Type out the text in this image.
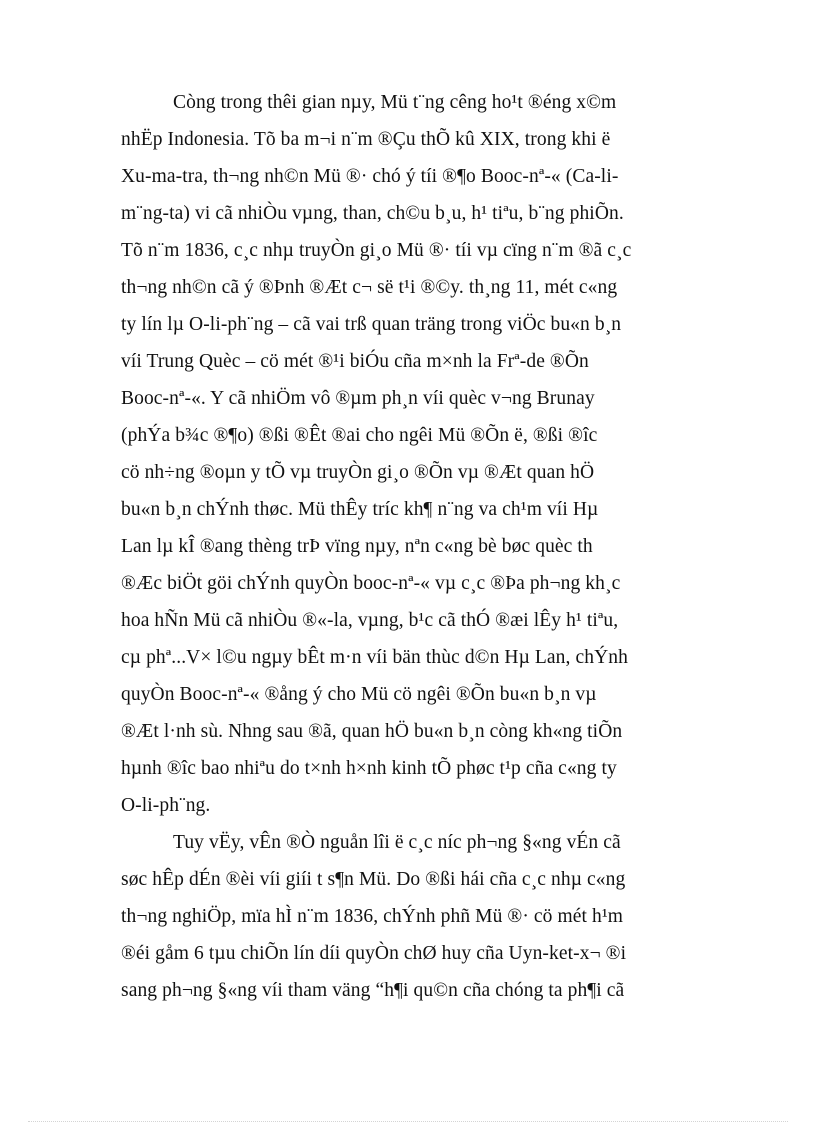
Còng trong thêi gian nµy, Mü t¨ng cêng ho¹t ®éng x©m
nhËp Indonesia. Tõ ba m¬i n¨m ®Çu thÕ kû XIX, trong khi ë
Xu-ma-tra, th¬ng nh©n Mü ®· chó ý tíi ®¶o Booc-nª-« (Ca-li-
m¨ng-ta) vi cã nhiÒu vµng, than, ch©u b¸u, h¹ tiªu, b¨ng phiÕn.
Tõ n¨m 1836, c¸c nhµ truyÒn gi¸o Mü ®· tíi vµ cïng n¨m ®ã c¸c
th¬ng nh©n cã ý ®Þnh ®Æt c¬ së t¹i ®©y. th¸ng 11, mét c«ng
ty lín lµ O-li-ph¨ng – cã vai trß quan träng trong viÖc bu«n b¸n
víi Trung Quèc – cö mét ®¹i biÓu cña m×nh la Frª-de ®Õn
Booc-nª-«. Y cã nhiÖm vô ®µm ph¸n víi quèc v¬ng Brunay
(phÝa b¾c ®¶o) ®ßi ®Êt ®ai cho ngêi Mü ®Õn ë, ®ßi ®îc
cö nh÷ng ®oµn y tÕ vµ truyÒn gi¸o ®Õn vµ ®Æt quan hÖ
bu«n b¸n chÝnh thøc. Mü thÊy tríc kh¶ n¨ng va ch¹m víi Hµ
Lan lµ kÎ ®ang thèng trÞ vïng nµy, nªn c«ng bè bøc quèc th
®Æc biÖt göi chÝnh quyÒn booc-nª-« vµ c¸c ®Þa ph¬ng kh¸c
hoa hÑn Mü cã nhiÒu ®«-la, vµng, b¹c cã thÓ ®æi lÊy h¹ tiªu,
cµ phª...V× l©u ngµy bÊt m·n víi bän thùc d©n Hµ Lan, chÝnh
quyÒn Booc-nª-« ®ång ý cho Mü cö ngêi ®Õn bu«n b¸n vµ
®Æt l·nh sù. Nhng sau ®ã, quan hÖ bu«n b¸n còng kh«ng tiÕn
hµnh ®îc bao nhiªu do t×nh h×nh kinh tÕ phøc t¹p cña c«ng ty
O-li-ph¨ng.
Tuy vËy, vÊn ®Ò nguån lîi ë c¸c níc ph¬ng §«ng vÉn cã
søc hÊp dÉn ®èi víi giíi t s¶n Mü. Do ®ßi hái cña c¸c nhµ c«ng
th¬ng nghiÖp, mïa hÌ n¨m 1836, chÝnh phñ Mü ®· cö mét h¹m
®éi gåm 6 tµu chiÕn lín díi quyÒn chØ huy cña Uyn-ket-x¬ ®i
sang ph¬ng §«ng víi tham väng “h¶i qu©n cña chóng ta ph¶i cã
